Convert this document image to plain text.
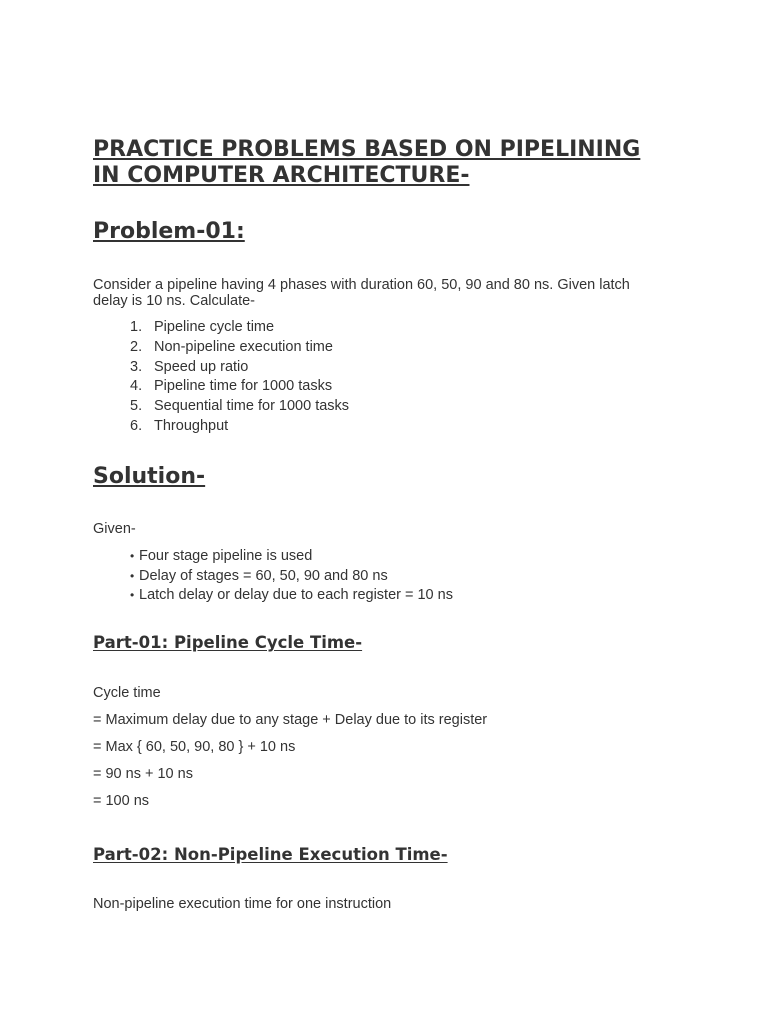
PRACTICE PROBLEMS BASED ON PIPELINING
IN COMPUTER ARCHITECTURE-
Problem-01:

Consider a pipeline having 4 phases with duration 60, 50, 90 and 80 ns. Given latch delay is 10 ns. Calculate-

1. Pipeline cycle time
2. Non-pipeline execution time
3. Speed up ratio
4. Pipeline time for 1000 tasks
5. Sequential time for 1000 tasks
6. Throughput
Solution-

Given-

• Four stage pipeline is used
• Delay of stages = 60, 50, 90 and 80 ns
• Latch delay or delay due to each register = 10 ns
Part-01: Pipeline Cycle Time-

Cycle time

= Maximum delay due to any stage + Delay due to its register

= Max { 60, 50, 90, 80 } + 10 ns

= 90 ns + 10 ns

= 100 ns

Part-02: Non-Pipeline Execution Time-

Non-pipeline execution time for one instruction
